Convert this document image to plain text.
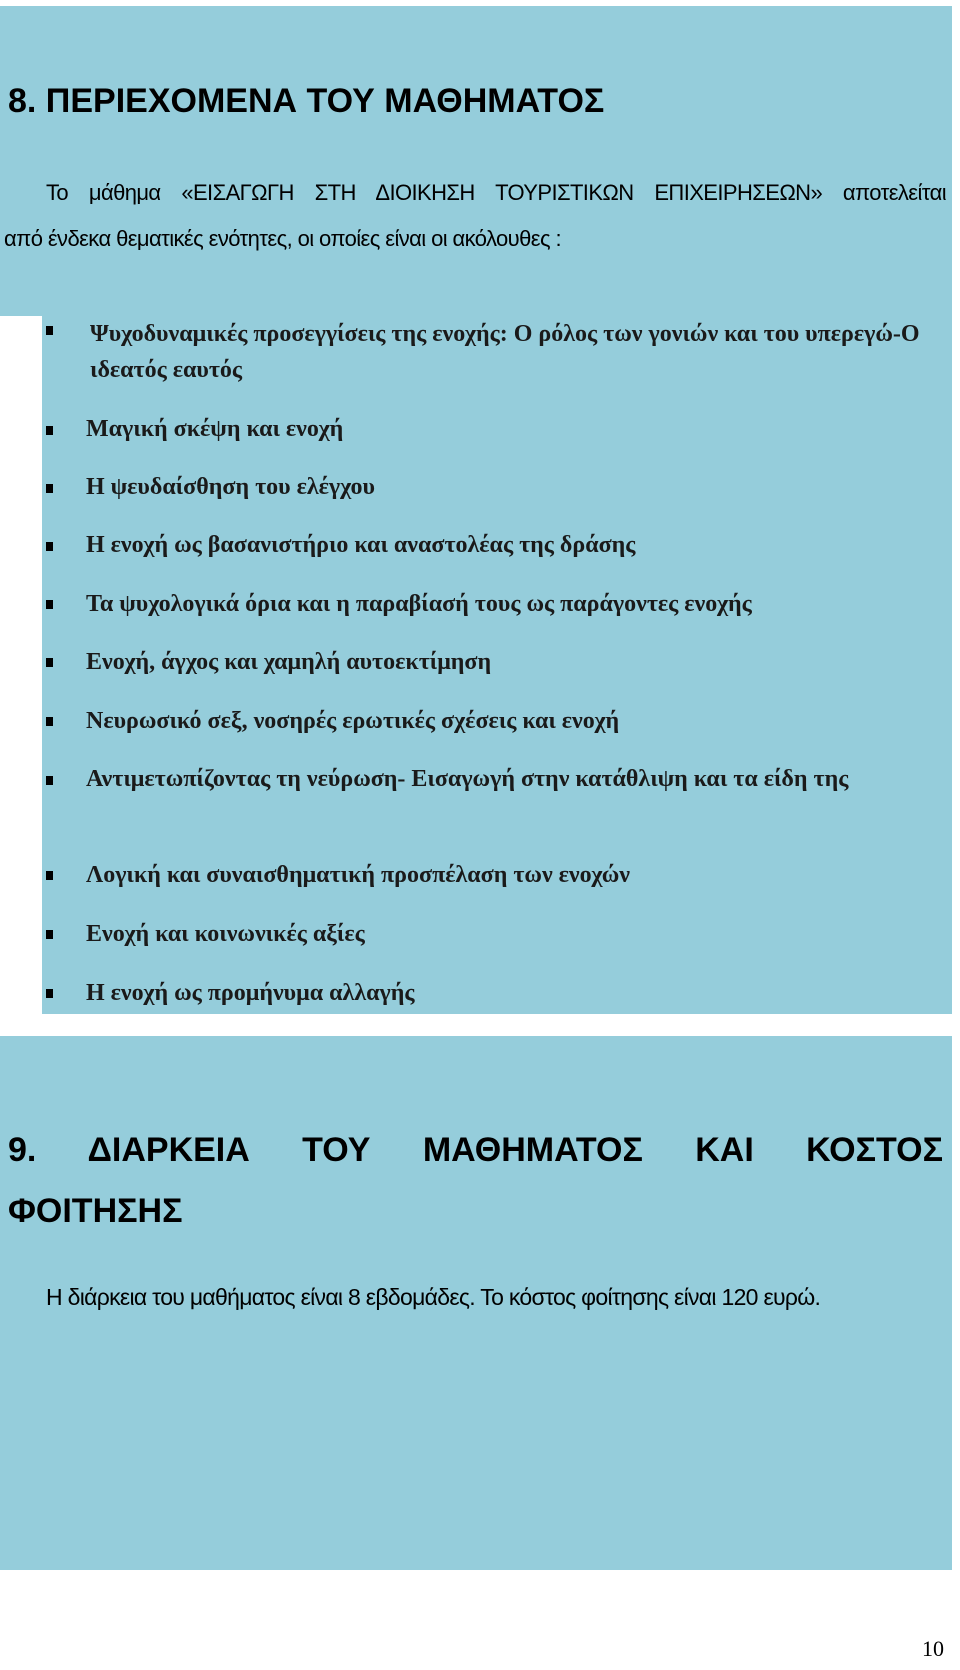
8. ΠΕΡΙΕΧΟΜΕΝΑ ΤΟΥ ΜΑΘΗΜΑΤΟΣ

Το μάθημα «ΕΙΣΑΓΩΓΗ ΣΤΗ ΔΙΟΙΚΗΣΗ ΤΟΥΡΙΣΤΙΚΩΝ ΕΠΙΧΕΙΡΗΣΕΩΝ» αποτελείται

από ένδεκα θεματικές ενότητες, οι οποίες είναι οι ακόλουθες :

Ψυχοδυναμικές προσεγγίσεις της ενοχής: Ο ρόλος των γονιών και του υπερεγώ-Ο ιδεατός εαυτός
Μαγική σκέψη και ενοχή
Η ψευδαίσθηση του ελέγχου
Η ενοχή ως βασανιστήριο και αναστολέας της δράσης
Τα ψυχολογικά όρια και η παραβίασή τους ως παράγοντες ενοχής
Ενοχή, άγχος και χαμηλή αυτοεκτίμηση
Νευρωσικό σεξ, νοσηρές ερωτικές σχέσεις και ενοχή
Αντιμετωπίζοντας τη νεύρωση- Εισαγωγή στην κατάθλιψη και τα είδη της
Λογική και συναισθηματική προσπέλαση των ενοχών
Ενοχή και κοινωνικές αξίες
Η ενοχή ως προμήνυμα αλλαγής
9. ΔΙΑΡΚΕΙΑ ΤΟΥ ΜΑΘΗΜΑΤΟΣ ΚΑΙ ΚΟΣΤΟΣ
ΦΟΙΤΗΣΗΣ

Η διάρκεια του μαθήματος είναι 8 εβδομάδες. Το κόστος φοίτησης είναι 120 ευρώ.

10
